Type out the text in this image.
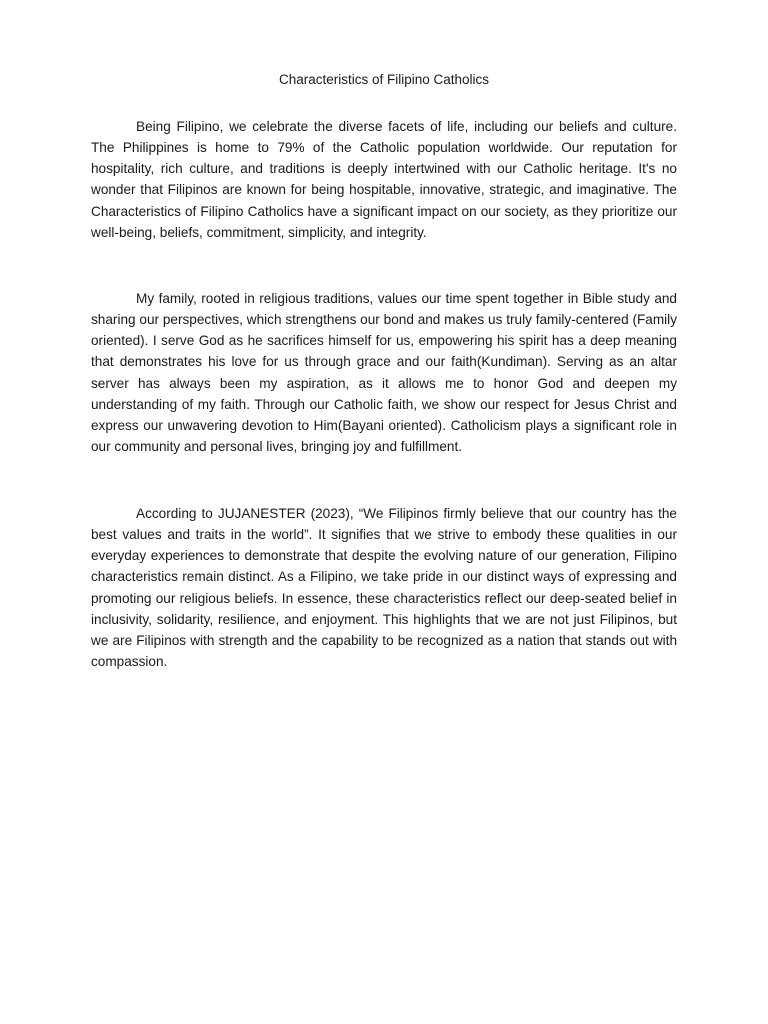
Characteristics of Filipino Catholics

Being Filipino, we celebrate the diverse facets of life, including our beliefs and culture. The Philippines is home to 79% of the Catholic population worldwide. Our reputation for hospitality, rich culture, and traditions is deeply intertwined with our Catholic heritage. It's no wonder that Filipinos are known for being hospitable, innovative, strategic, and imaginative. The Characteristics of Filipino Catholics have a significant impact on our society, as they prioritize our well-being, beliefs, commitment, simplicity, and integrity.

My family, rooted in religious traditions, values our time spent together in Bible study and sharing our perspectives, which strengthens our bond and makes us truly family-centered (Family oriented). I serve God as he sacrifices himself for us, empowering his spirit has a deep meaning that demonstrates his love for us through grace and our faith(Kundiman). Serving as an altar server has always been my aspiration, as it allows me to honor God and deepen my understanding of my faith. Through our Catholic faith, we show our respect for Jesus Christ and express our unwavering devotion to Him(Bayani oriented). Catholicism plays a significant role in our community and personal lives, bringing joy and fulfillment.

According to JUJANESTER (2023), “We Filipinos firmly believe that our country has the best values and traits in the world”. It signifies that we strive to embody these qualities in our everyday experiences to demonstrate that despite the evolving nature of our generation, Filipino characteristics remain distinct. As a Filipino, we take pride in our distinct ways of expressing and promoting our religious beliefs. In essence, these characteristics reflect our deep-seated belief in inclusivity, solidarity, resilience, and enjoyment. This highlights that we are not just Filipinos, but we are Filipinos with strength and the capability to be recognized as a nation that stands out with compassion.
